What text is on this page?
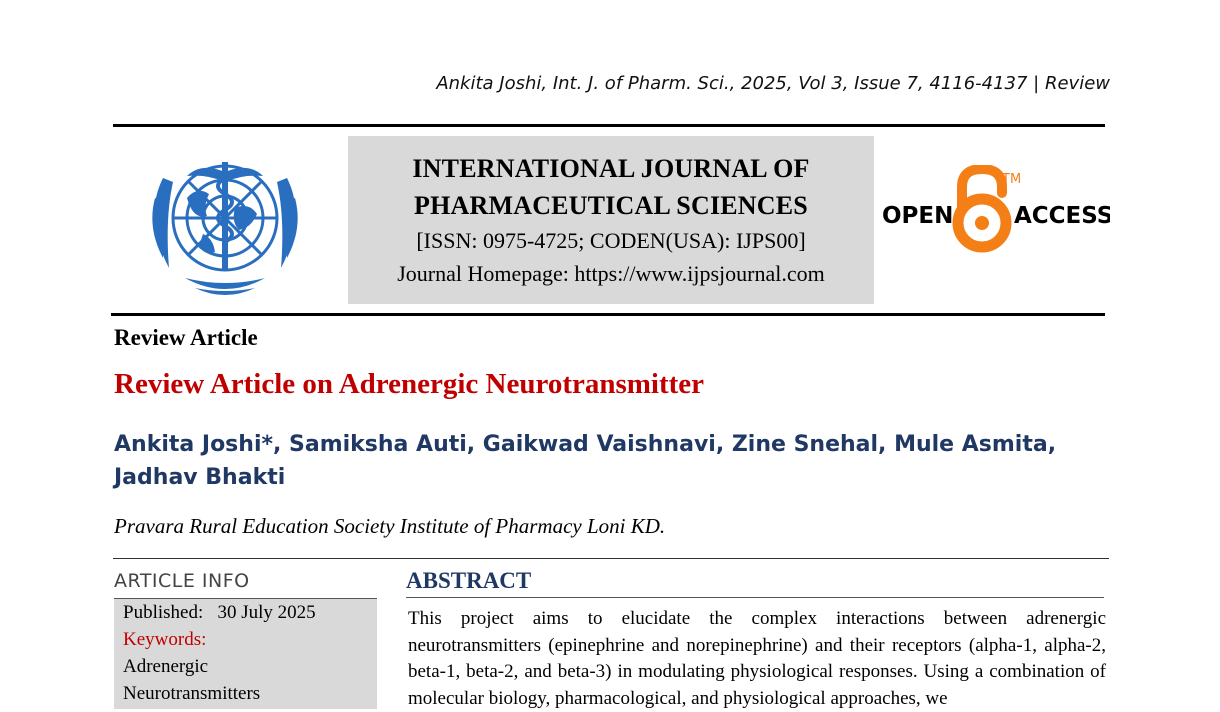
Ankita Joshi, Int. J. of Pharm. Sci., 2025, Vol 3, Issue 7, 4116-4137 | Review
INTERNATIONAL JOURNAL OF
PHARMACEUTICAL SCIENCES
[ISSN: 0975-4725; CODEN(USA): IJPS00]
Journal Homepage: https://www.ijpsjournal.com
OPEN	ACCESS
TM
Review Article
Review Article on Adrenergic Neurotransmitter
Ankita Joshi*, Samiksha Auti, Gaikwad Vaishnavi, Zine Snehal, Mule Asmita,
Jadhav Bhakti
Pravara Rural Education Society Institute of Pharmacy Loni KD.
ARTICLE INFO
Published: 30 July 2025
Keywords:
Adrenergic
Neurotransmitters
ABSTRACT
This project aims to elucidate the complex interactions between adrenergic neurotransmitters (epinephrine and norepinephrine) and their receptors (alpha-1, alpha-2, beta-1, beta-2, and beta-3) in modulating physiological responses. Using a combination of molecular biology, pharmacological, and physiological approaches, we
